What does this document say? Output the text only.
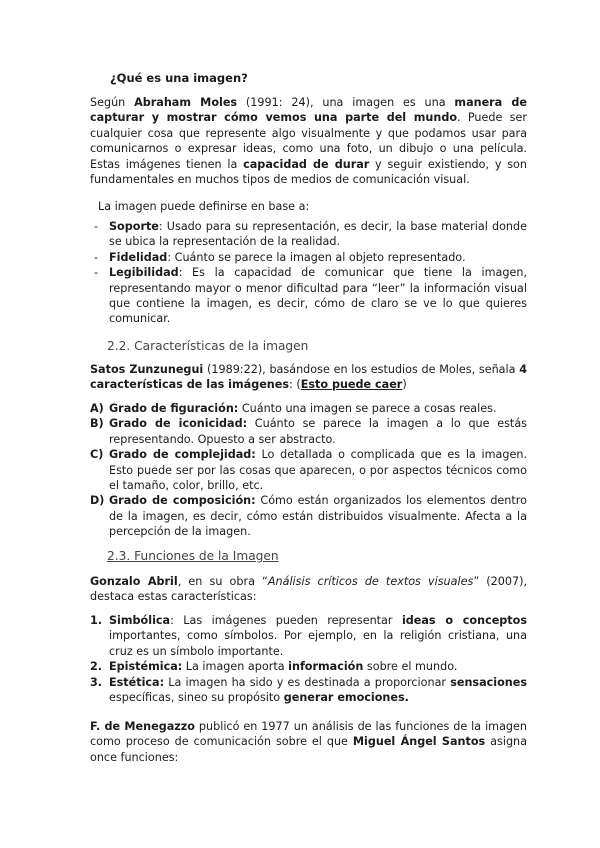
¿Qué es una imagen?

Según Abraham Moles (1991: 24), una imagen es una manera de capturar y mostrar cómo vemos una parte del mundo. Puede ser cualquier cosa que represente algo visualmente y que podamos usar para comunicarnos o expresar ideas, como una foto, un dibujo o una película. Estas imágenes tienen la capacidad de durar y seguir existiendo, y son fundamentales en muchos tipos de medios de comunicación visual.

La imagen puede definirse en base a:

- Soporte: Usado para su representación, es decir, la base material donde se ubica la representación de la realidad.
- Fidelidad: Cuánto se parece la imagen al objeto representado.
- Legibilidad: Es la capacidad de comunicar que tiene la imagen, representando mayor o menor dificultad para “leer” la información visual que contiene la imagen, es decir, cómo de claro se ve lo que quieres comunicar.
2.2. Características de la imagen

Satos Zunzunegui (1989:22), basándose en los estudios de Moles, señala 4 características de las imágenes: (Esto puede caer)

A) Grado de figuración: Cuánto una imagen se parece a cosas reales.
B) Grado de iconicidad: Cuánto se parece la imagen a lo que estás representando. Opuesto a ser abstracto.
C) Grado de complejidad: Lo detallada o complicada que es la imagen. Esto puede ser por las cosas que aparecen, o por aspectos técnicos como el tamaño, color, brillo, etc.
D) Grado de composición: Cómo están organizados los elementos dentro de la imagen, es decir, cómo están distribuidos visualmente. Afecta a la percepción de la imagen.
2.3. Funciones de la Imagen

Gonzalo Abril, en su obra “Análisis críticos de textos visuales” (2007), destaca estas características:

1. Simbólica: Las imágenes pueden representar ideas o conceptos importantes, como símbolos. Por ejemplo, en la religión cristiana, una cruz es un símbolo importante.
2. Epistémica: La imagen aporta información sobre el mundo.
3. Estética: La imagen ha sido y es destinada a proporcionar sensaciones específicas, sineo su propósito generar emociones.

F. de Menegazzo publicó en 1977 un análisis de las funciones de la imagen como proceso de comunicación sobre el que Miguel Ángel Santos asigna once funciones:
